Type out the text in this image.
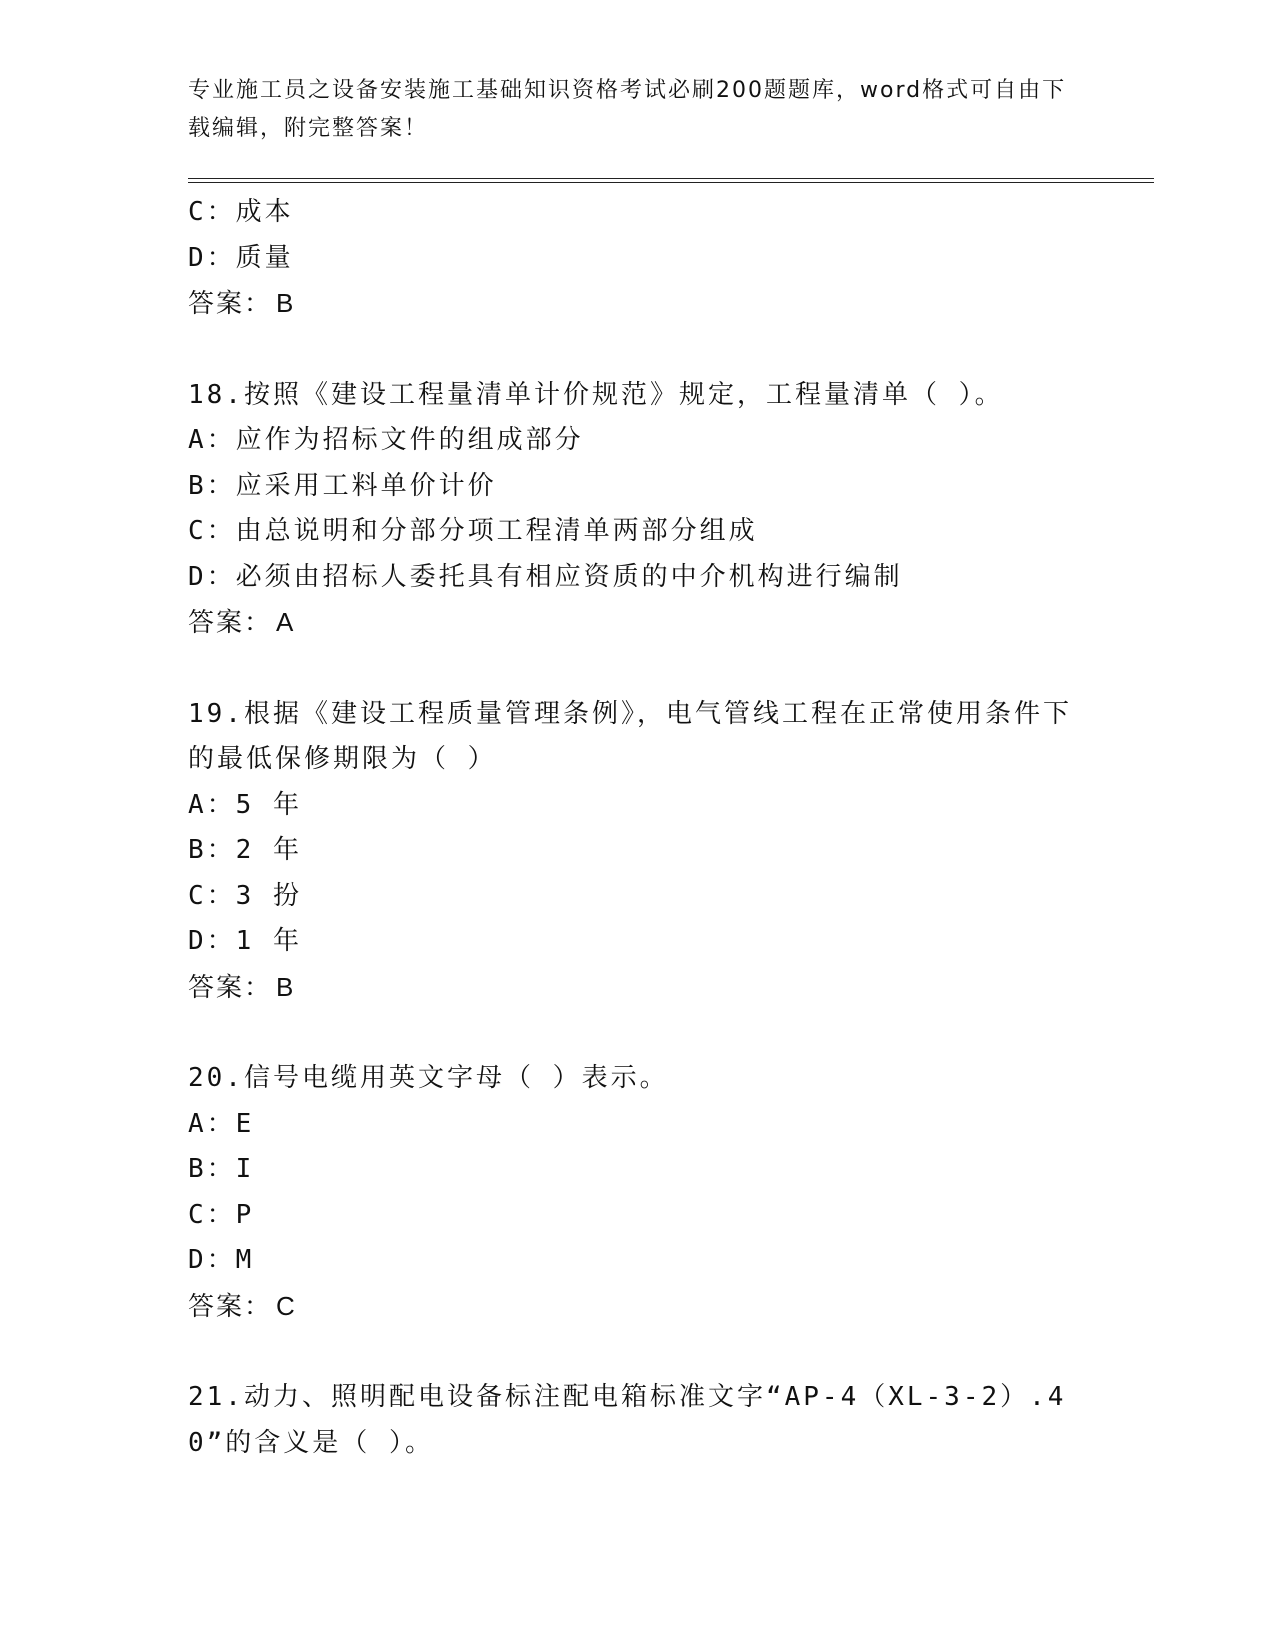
专业施工员之设备安装施工基础知识资格考试必刷200题题库，word格式可自由下载编辑，附完整答案！
C：成本
D：质量
答案： B
18.按照《建设工程量清单计价规范》规定，工程量清单（ ）。
A：应作为招标文件的组成部分
B：应采用工料单价计价
C：由总说明和分部分项工程清单两部分组成
D：必须由招标人委托具有相应资质的中介机构进行编制
答案： A
19.根据《建设工程质量管理条例》，电气管线工程在正常使用条件下的最低保修期限为（ ）
A：5 年
B：2 年
C：3 扮
D：1 年
答案： B
20.信号电缆用英文字母（ ）表示。
A：E
B：I
C：P
D：M
答案： C
21.动力、照明配电设备标注配电箱标准文字“AP-4（XL-3-2）.40”的含义是（ ）。
